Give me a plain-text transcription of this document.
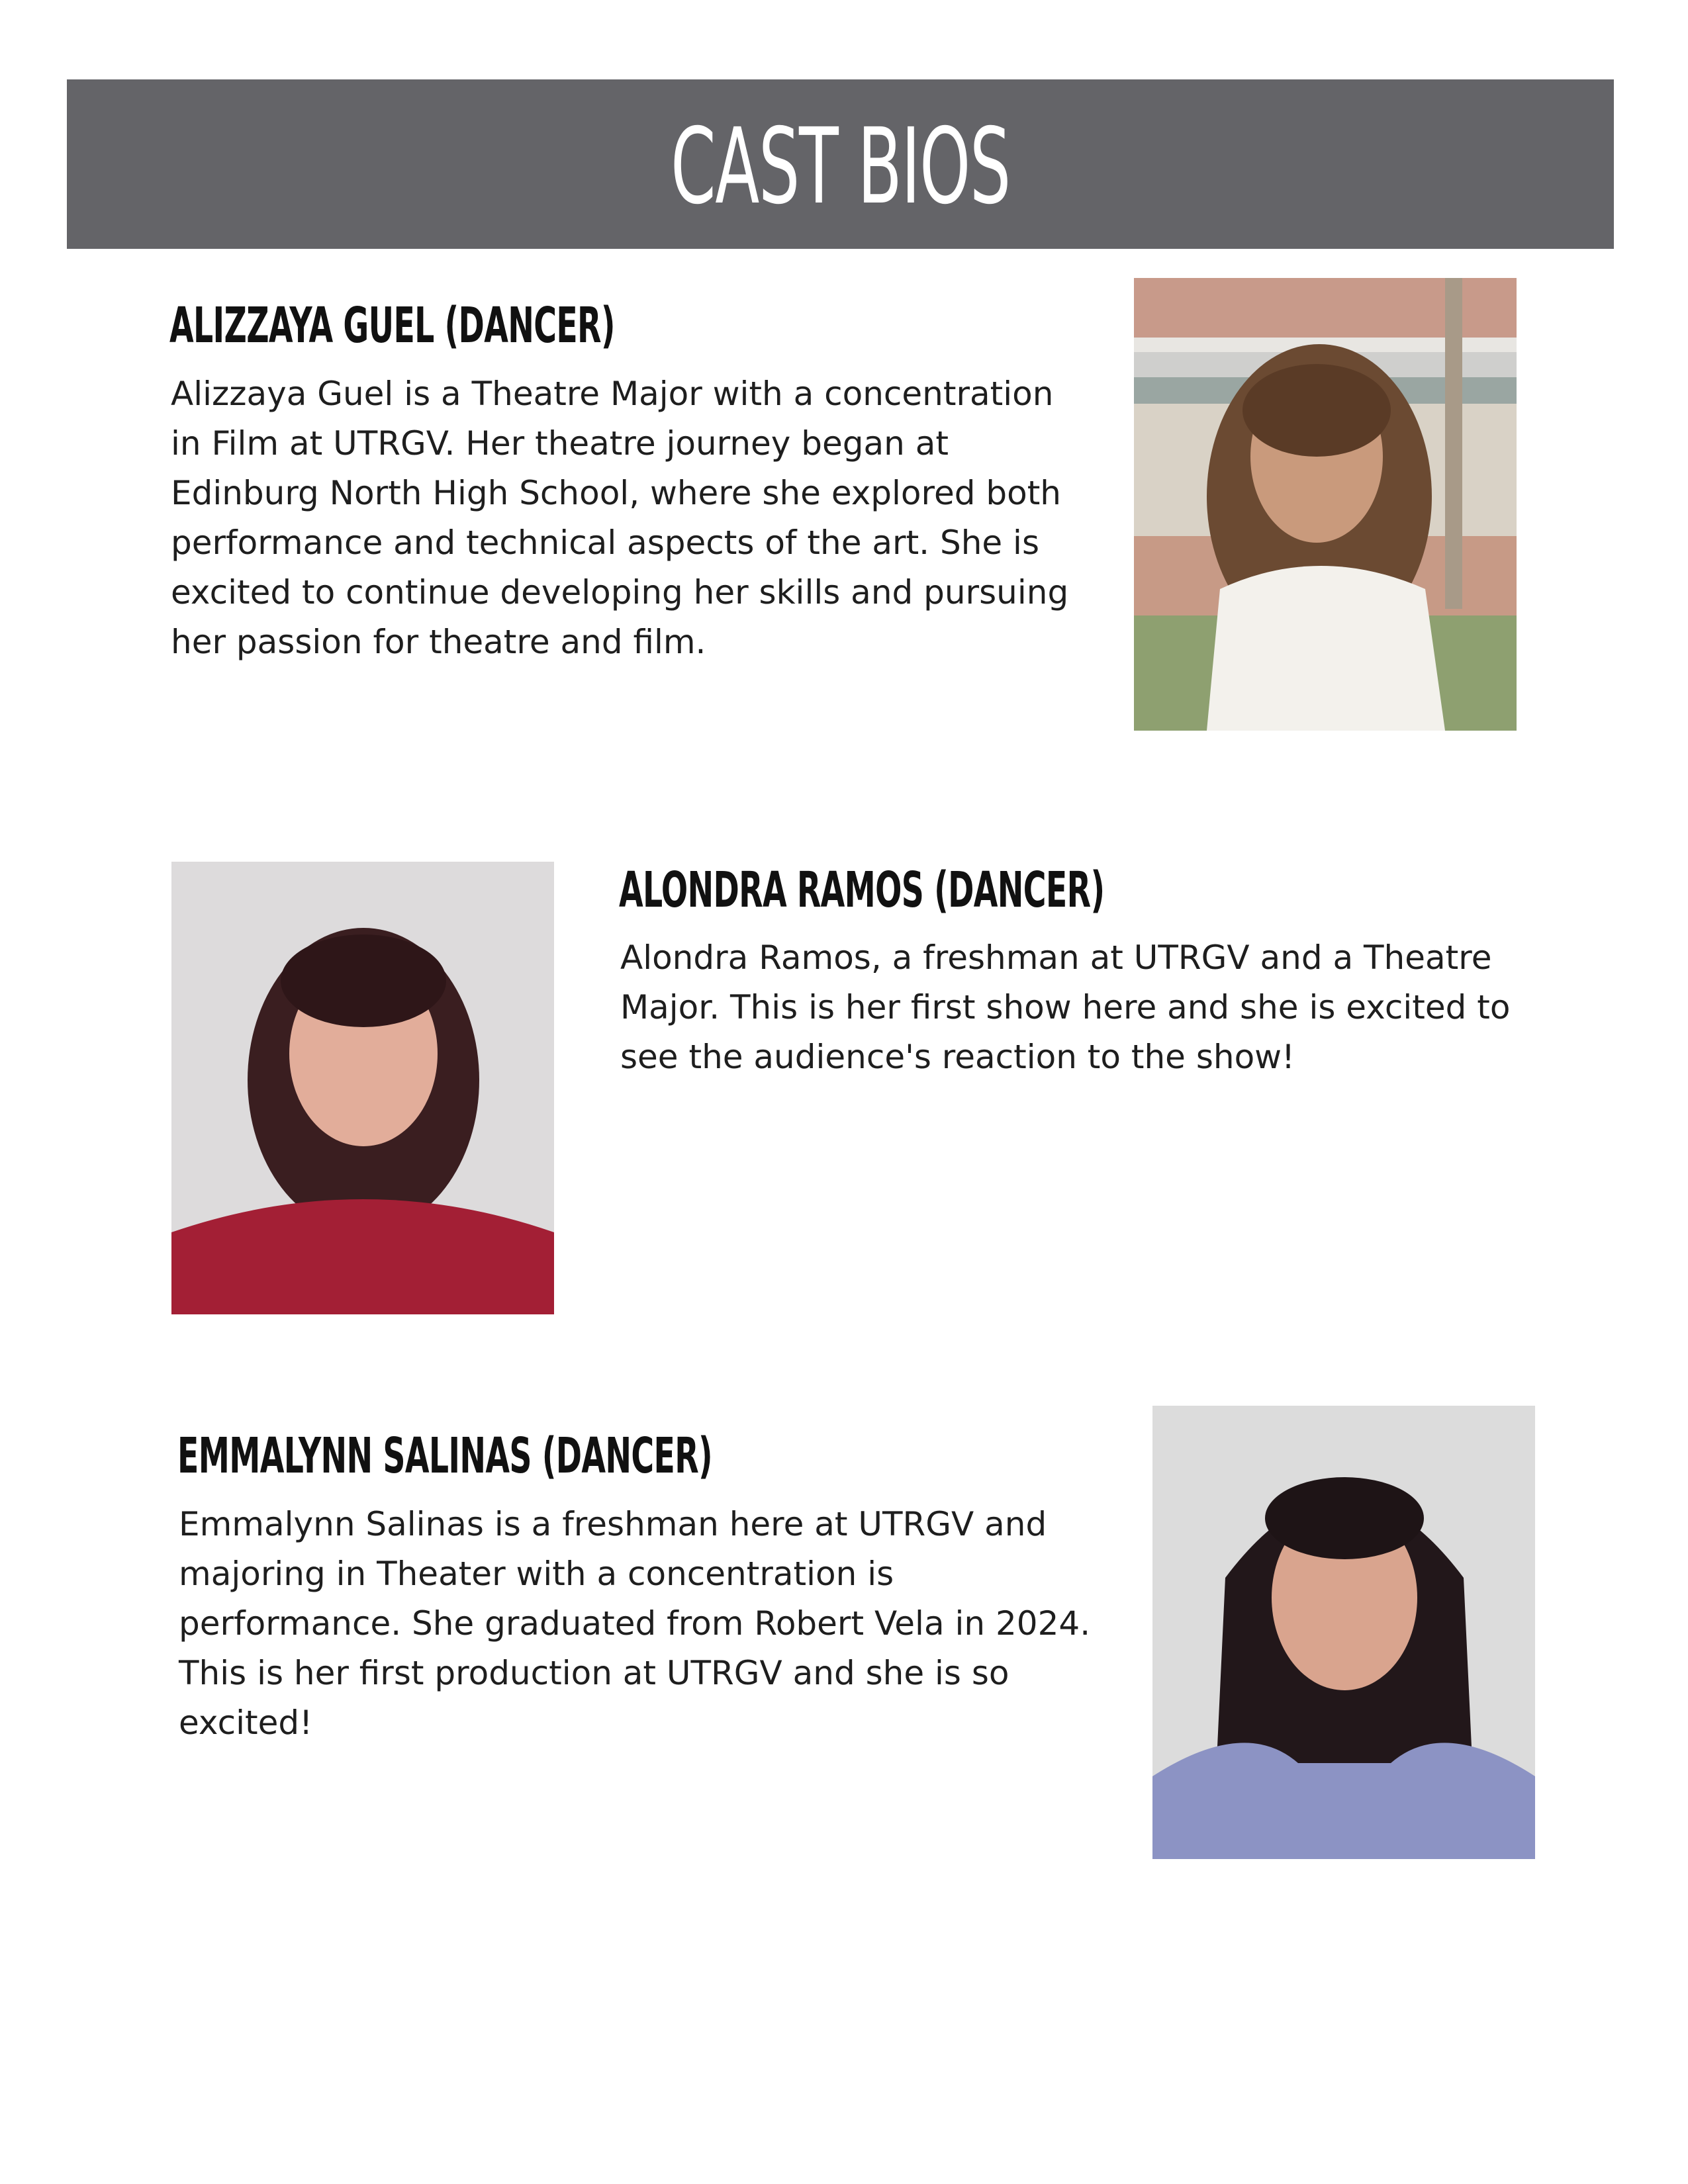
CAST BIOS
ALIZZAYA GUEL (DANCER)

Alizzaya Guel is a Theatre Major with a concentration in Film at UTRGV. Her theatre journey began at Edinburg North High School, where she explored both performance and technical aspects of the art. She is excited to continue developing her skills and pursuing her passion for theatre and film.

ALONDRA RAMOS (DANCER)

Alondra Ramos, a freshman at UTRGV and a Theatre Major. This is her first show here and she is excited to see the audience's reaction to the show!

EMMALYNN SALINAS (DANCER)

Emmalynn Salinas is a freshman here at UTRGV and majoring in Theater with a concentration is performance. She graduated from Robert Vela in 2024. This is her first production at UTRGV and she is so excited!
